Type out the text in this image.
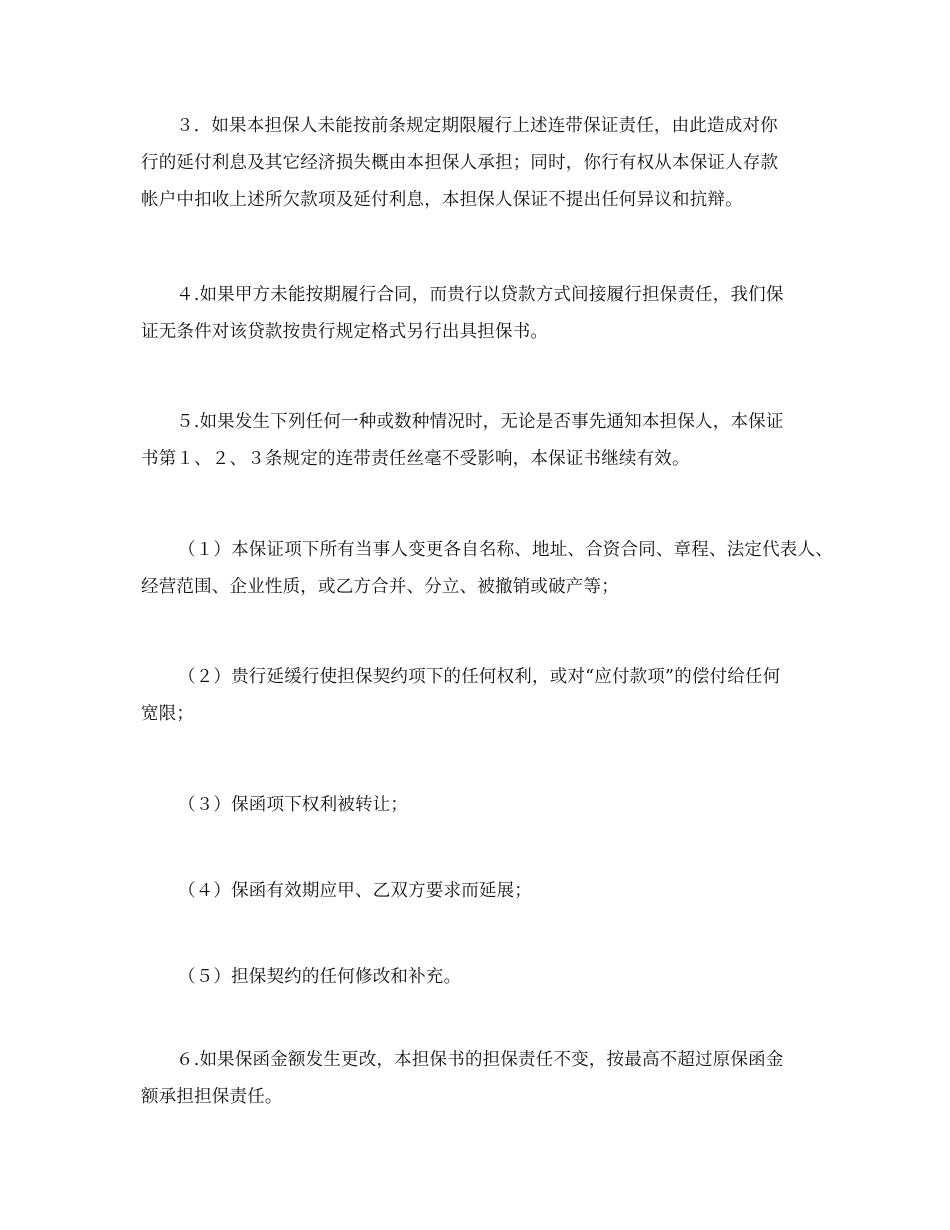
３．如果本担保人未能按前条规定期限履行上述连带保证责任，由此造成对你
行的延付利息及其它经济损失概由本担保人承担；同时，你行有权从本保证人存款
帐户中扣收上述所欠款项及延付利息，本担保人保证不提出任何异议和抗辩。

４.如果甲方未能按期履行合同，而贵行以贷款方式间接履行担保责任，我们保
证无条件对该贷款按贵行规定格式另行出具担保书。

５.如果发生下列任何一种或数种情况时，无论是否事先通知本担保人，本保证
书第１、２、３条规定的连带责任丝毫不受影响，本保证书继续有效。

（１）本保证项下所有当事人变更各自名称、地址、合资合同、章程、法定代表人、
经营范围、企业性质，或乙方合并、分立、被撤销或破产等；

（２）贵行延缓行使担保契约项下的任何权利，或对“应付款项”的偿付给任何
宽限；

（３）保函项下权利被转让；

（４）保函有效期应甲、乙双方要求而延展；

（５）担保契约的任何修改和补充。

６.如果保函金额发生更改，本担保书的担保责任不变，按最高不超过原保函金
额承担担保责任。
